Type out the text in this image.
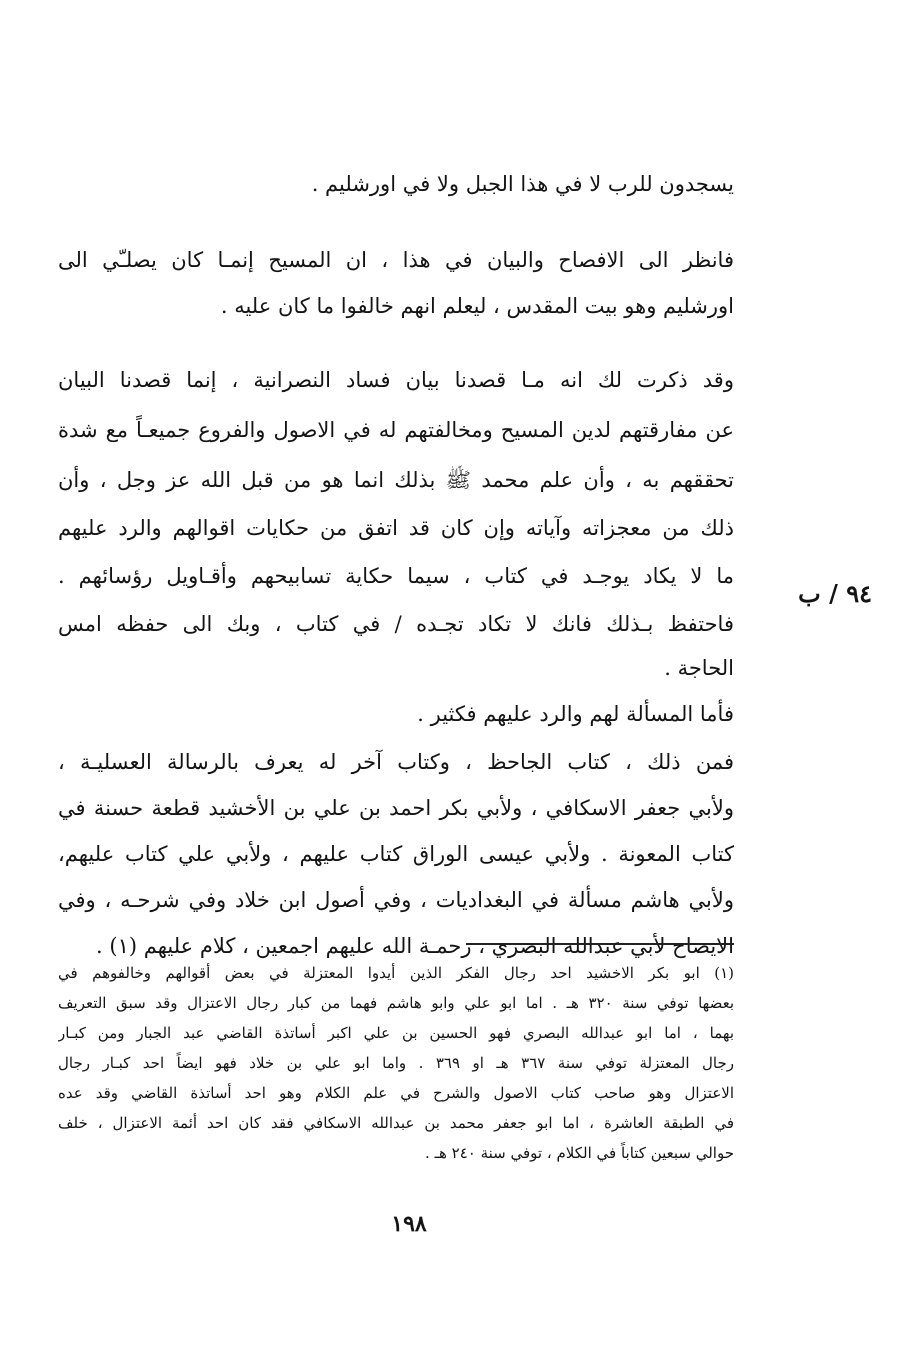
يسجدون للرب لا في هذا الجبل ولا في اورشليم .
فانظر الى الافصاح والبيان في هذا ، ان المسيح إنمـا كان يصلـّي الى
اورشليم وهو بيت المقدس ، ليعلم انهم خالفوا ما كان عليه .
وقد ذكرت لك انه مـا قصدنا بيان فساد النصرانية ، إنما قصدنا البيان
عن مفارقتهم لدين المسيح ومخالفتهم له في الاصول والفروع جميعـاً مع شدة
تحققهم به ، وأن علم محمد ﷺ بذلك انما هو من قبل الله عز وجل ، وأن
ذلك من معجزاته وآياته وإن كان قد اتفق من حكايات اقوالهم والرد عليهم
ما لا يكاد يوجـد في كتاب ، سيما حكاية تسابيحهم وأقـاويل رؤسائهم .
فاحتفظ بـذلك فانك لا تكاد تجـده / في كتاب ، وبك الى حفظه امس
الحاجة .
فأما المسألة لهم والرد عليهم فكثير .
فمن ذلك ، كتاب الجاحظ ، وكتاب آخر له يعرف بالرسالة العسليـة ،
ولأبي جعفر الاسكافي ، ولأبي بكر احمد بن علي بن الأخشيد قطعة حسنة في
كتاب المعونة . ولأبي عيسى الوراق كتاب عليهم ، ولأبي علي كتاب عليهم،
ولأبي هاشم مسألة في البغداديات ، وفي أصول ابن خلاد وفي شرحـه ، وفي
الايضاح لأبي عبدالله البصري ، رحمـة الله عليهم اجمعين ، كلام عليهم (١) .
٩٤ / ب
(١) ابو بكر الاخشيد احد رجال الفكر الذين أيدوا المعتزلة في بعض أقوالهم وخالفوهم في
بعضها توفي سنة ٣٢٠ هـ . اما ابو علي وابو هاشم فهما من كبار رجال الاعتزال وقد سبق التعريف
بهما ، اما ابو عبدالله البصري فهو الحسين بن علي اكبر أساتذة القاضي عبد الجبار ومن كبـار
رجال المعتزلة توفي سنة ٣٦٧ هـ او ٣٦٩ . واما ابو علي بن خلاد فهو ايضاً احد كبـار رجال
الاعتزال وهو صاحب كتاب الاصول والشرح في علم الكلام وهو احد أساتذة القاضي وقد عده
في الطبقة العاشرة ، اما ابو جعفر محمد بن عبدالله الاسكافي فقد كان احد أئمة الاعتزال ، خلف
حوالي سبعين كتاباً في الكلام ، توفي سنة ٢٤٠ هـ .
١٩٨
